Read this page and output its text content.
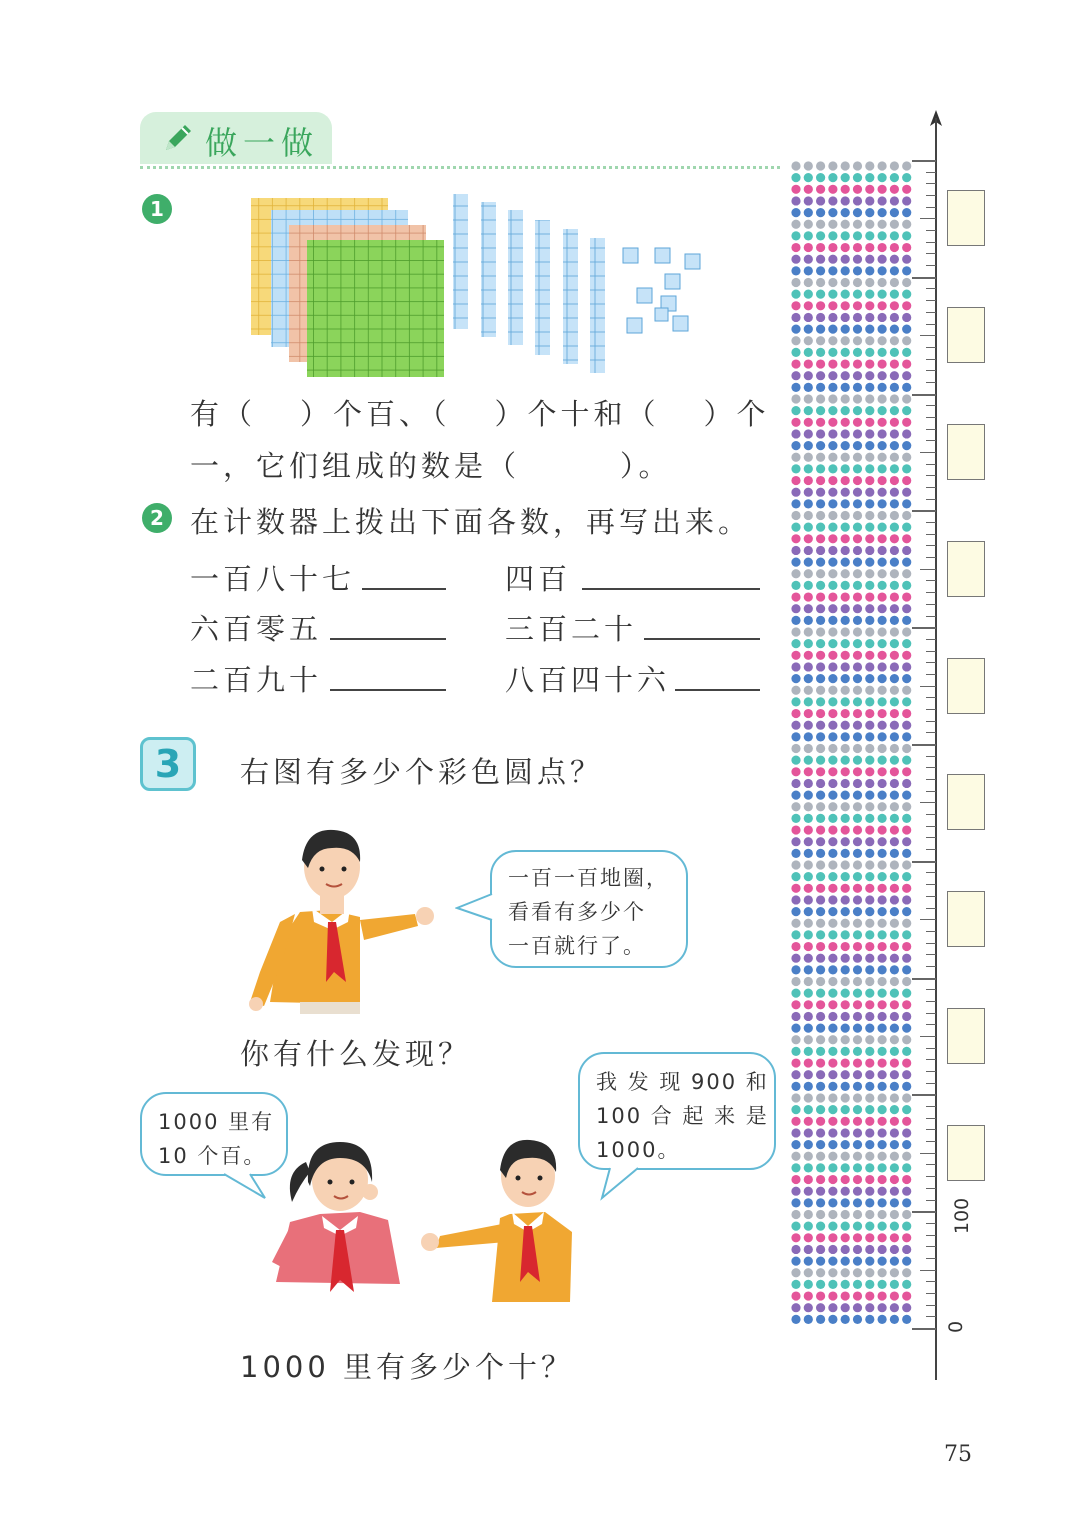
做一做
1
有（ ）个百、（ ）个十和（ ）个
一，它们组成的数是（	）。
2 在计数器上拨出下面各数，再写出来。
一百八十七	四百
六百零五	三百二十
二百九十	八百四十六
3	右图有多少个彩色圆点？
一百一百地圈，
看看有多少个
一百就行了。
你有什么发现？
1000 里有
10 个百。
我 发 现 900 和
100 合 起 来 是
1000。
1000 里有多少个十？
0
100
75
